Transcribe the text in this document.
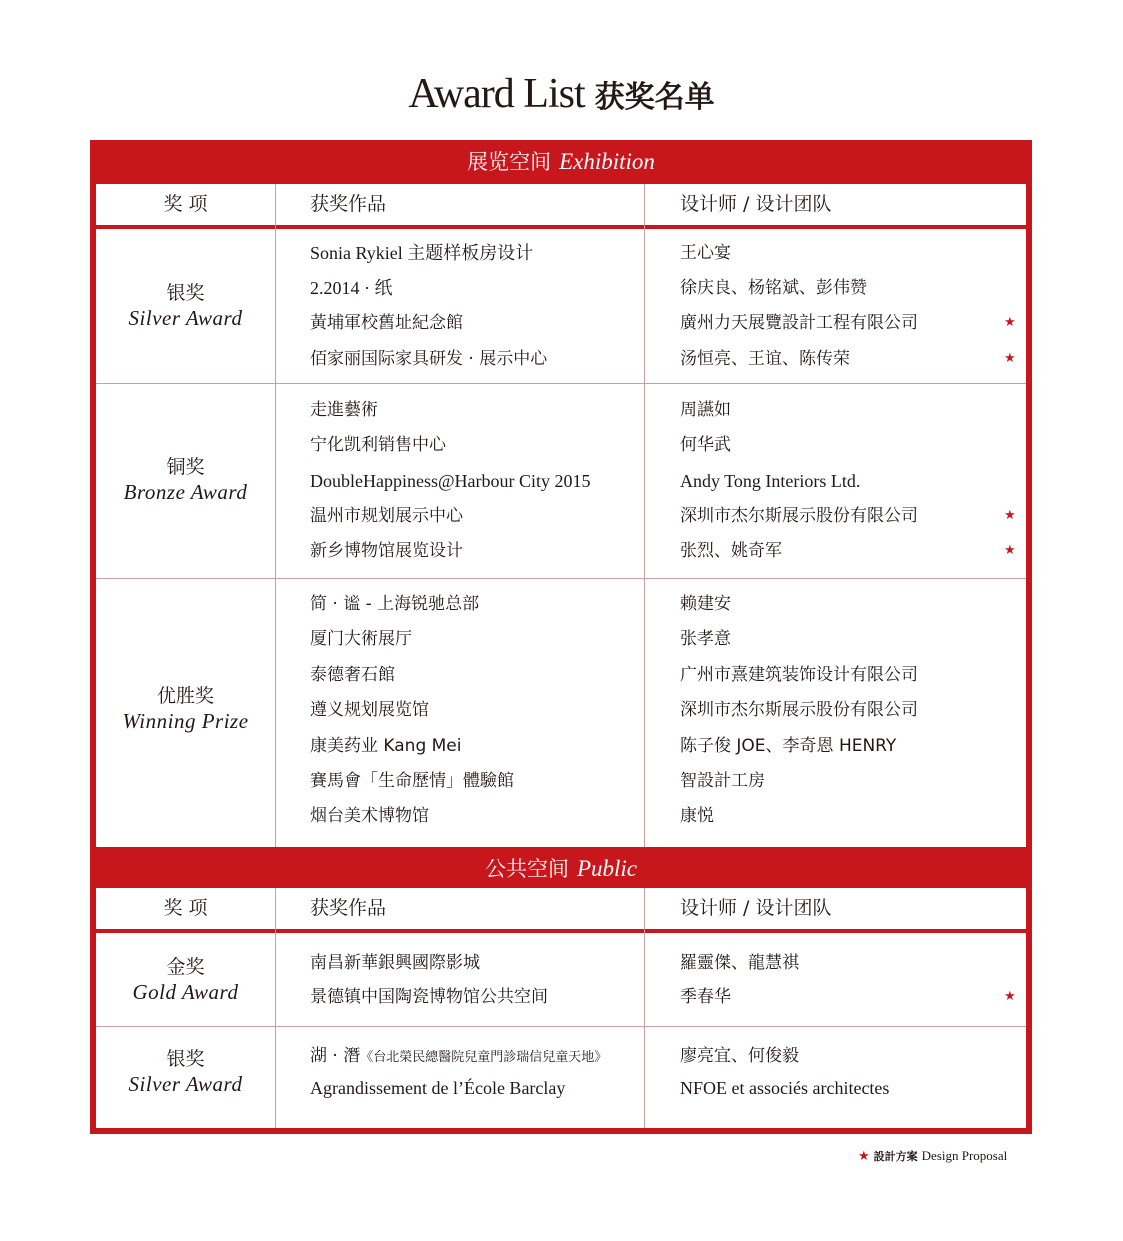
Award List 获奖名单
展览空间 Exhibition
奖 项	获奖作品	设计师 / 设计团队
银奖
Silver Award
Sonia Rykiel 主题样板房设计	王心宴
2.2014 · 纸	徐庆良、杨铭斌、彭伟赞
黃埔軍校舊址紀念館	廣州力天展覽設計工程有限公司	★
佰家丽国际家具研发 · 展示中心	汤恒亮、王谊、陈传荣	★
铜奖
Bronze Award
走進藝術	周讌如
宁化凯利销售中心	何华武
DoubleHappiness@Harbour City 2015	Andy Tong Interiors Ltd.
温州市规划展示中心	深圳市杰尔斯展示股份有限公司	★
新乡博物馆展览设计	张烈、姚奇军	★
优胜奖
Winning Prize
简 · 谧 - 上海锐驰总部	赖建安
厦门大術展厅	张孝意
泰德奢石館	广州市熹建筑装饰设计有限公司
遵义规划展览馆	深圳市杰尔斯展示股份有限公司
康美药业 Kang Mei	陈子俊 JOE、李奇恩 HENRY
賽馬會「生命歷情」體驗館	智設計工房
烟台美术博物馆	康悦
公共空间 Public
奖 项	获奖作品	设计师 / 设计团队
金奖
Gold Award
南昌新華銀興國際影城	羅靈傑、龍慧祺
景德镇中国陶瓷博物馆公共空间	季春华	★
银奖
Silver Award
湖 · 潛《台北榮民總醫院兒童門診瑞信兒童天地》	廖亮宜、何俊毅
Agrandissement de l’École Barclay	NFOE et associés architectes
★ 設計方案 Design Proposal
